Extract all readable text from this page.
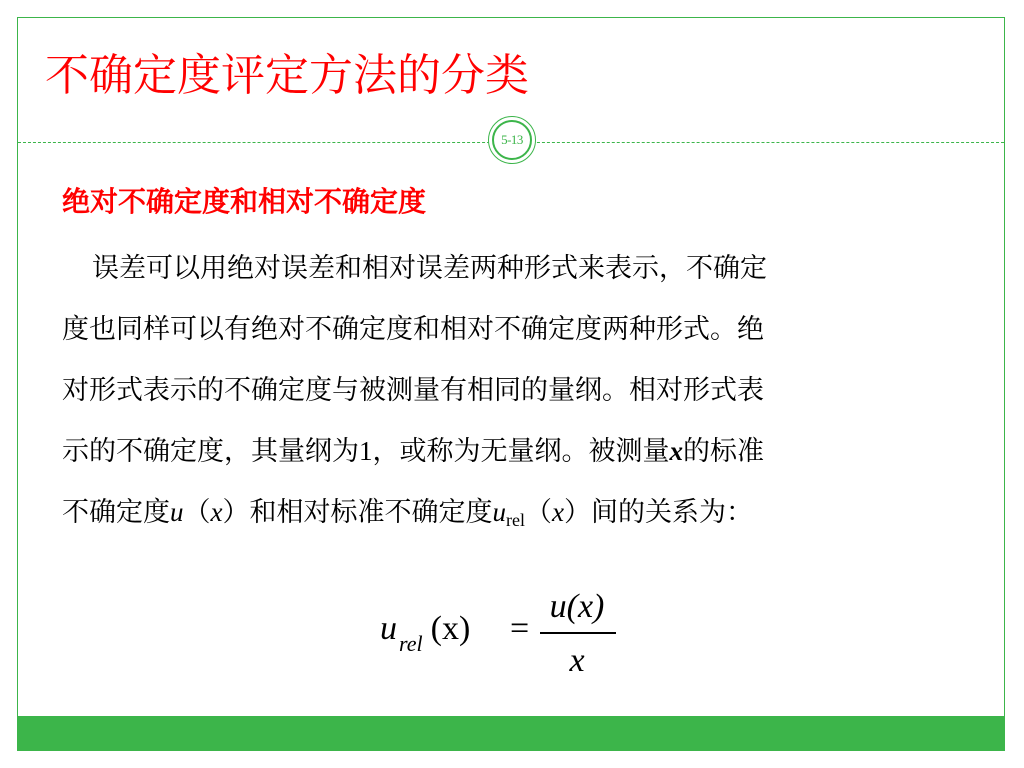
不确定度评定方法的分类
5-13
绝对不确定度和相对不确定度
误差可以用绝对误差和相对误差两种形式来表示，不确定
度也同样可以有绝对不确定度和相对不确定度两种形式。绝
对形式表示的不确定度与被测量有相同的量纲。相对形式表
示的不确定度，其量纲为1，或称为无量纲。被测量x的标准
不确定度u（x）和相对标准不确定度$u_{rel}(x)$间的关系为：
$u_{rel}$ (x) =
u(x)
x
